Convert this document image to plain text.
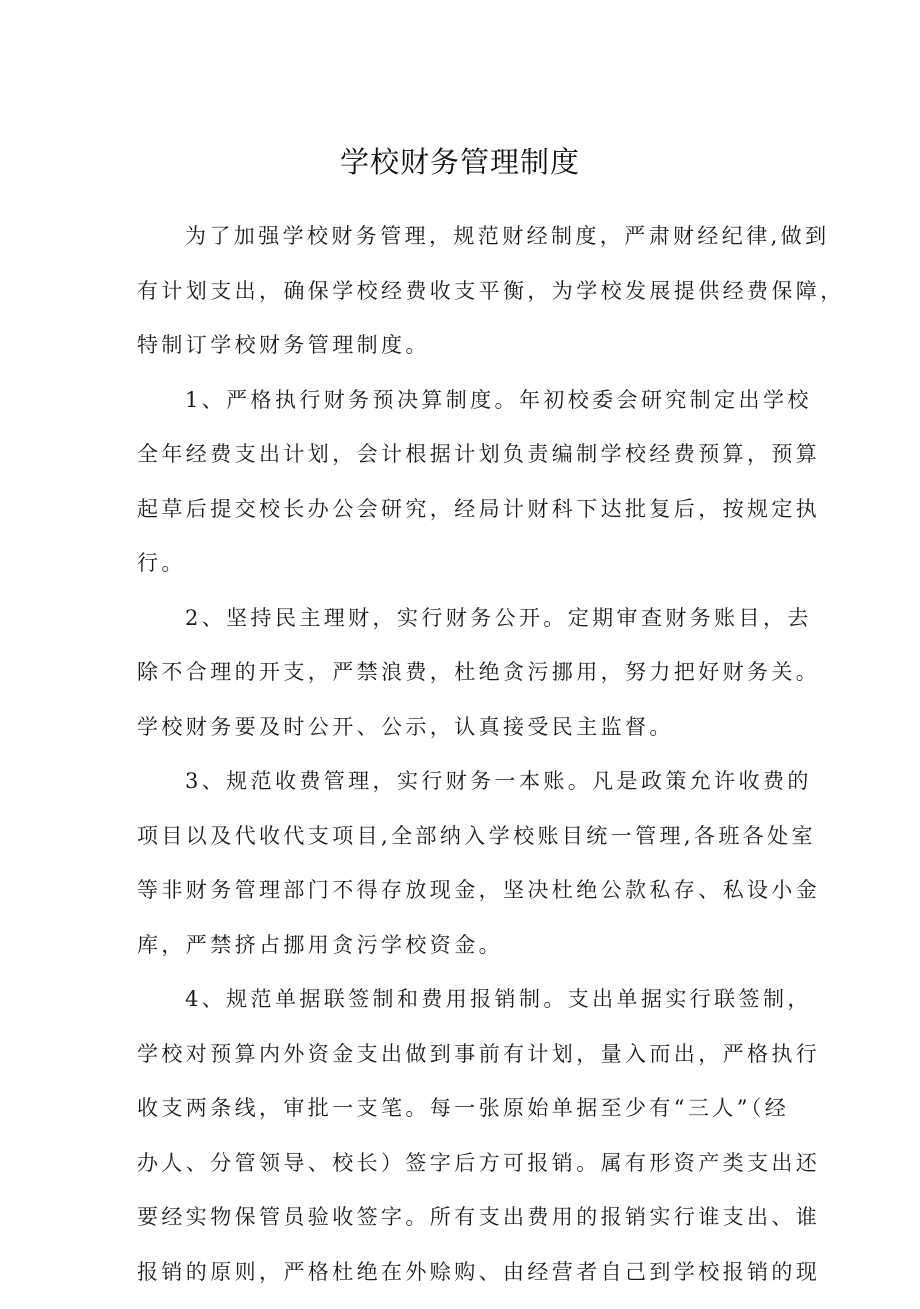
学校财务管理制度

为了加强学校财务管理，规范财经制度，严肃财经纪律,做到
有计划支出，确保学校经费收支平衡，为学校发展提供经费保障，
特制订学校财务管理制度。

1、严格执行财务预决算制度。年初校委会研究制定出学校
全年经费支出计划，会计根据计划负责编制学校经费预算，预算
起草后提交校长办公会研究，经局计财科下达批复后，按规定执
行。

2、坚持民主理财，实行财务公开。定期审查财务账目，去
除不合理的开支，严禁浪费，杜绝贪污挪用，努力把好财务关。
学校财务要及时公开、公示，认真接受民主监督。

3、规范收费管理，实行财务一本账。凡是政策允许收费的
项目以及代收代支项目,全部纳入学校账目统一管理,各班各处室
等非财务管理部门不得存放现金，坚决杜绝公款私存、私设小金
库，严禁挤占挪用贪污学校资金。

4、规范单据联签制和费用报销制。支出单据实行联签制，
学校对预算内外资金支出做到事前有计划，量入而出，严格执行
收支两条线，审批一支笔。每一张原始单据至少有“三人”（经
办人、分管领导、校长）签字后方可报销。属有形资产类支出还
要经实物保管员验收签字。所有支出费用的报销实行谁支出、谁
报销的原则，严格杜绝在外赊购、由经营者自己到学校报销的现
